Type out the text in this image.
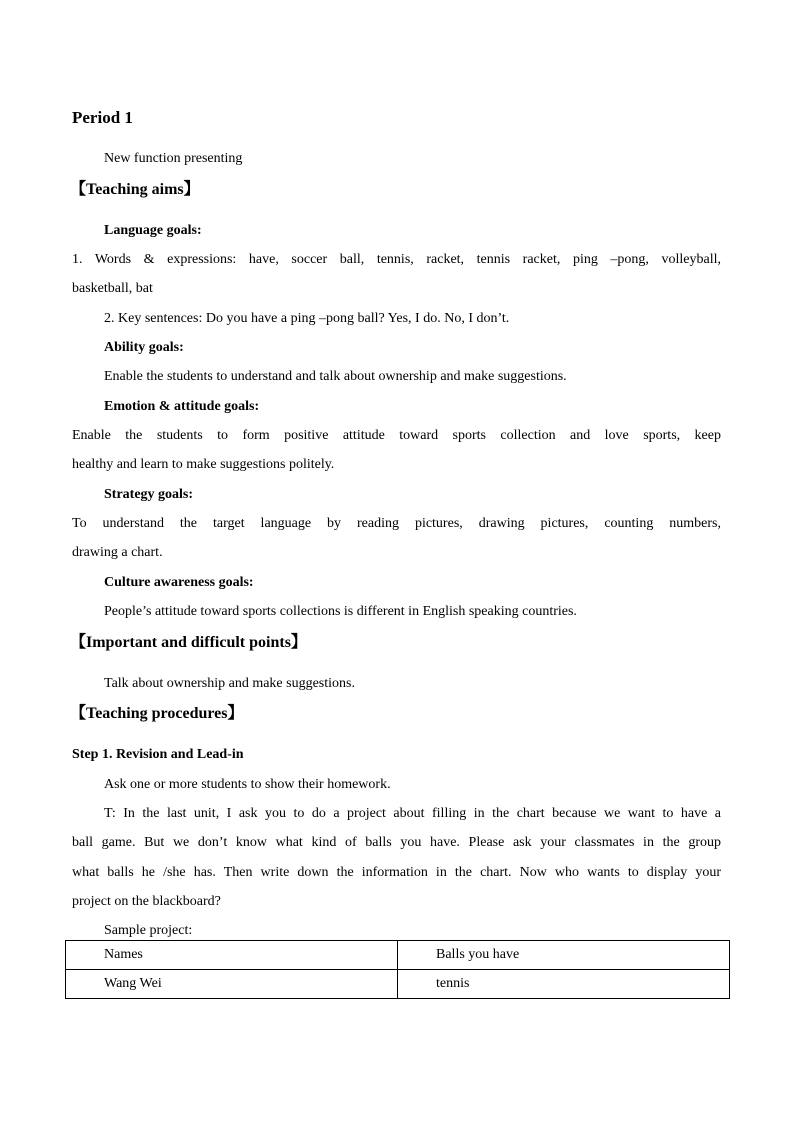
Period 1
New function presenting
【Teaching aims】
Language goals:
1. Words & expressions: have, soccer ball, tennis, racket, tennis racket, ping –pong, volleyball,
basketball, bat
2. Key sentences: Do you have a ping –pong ball? Yes, I do. No, I don’t.
Ability goals:
Enable the students to understand and talk about ownership and make suggestions.
Emotion & attitude goals:
Enable the students to form positive attitude toward sports collection and love sports, keep
healthy and learn to make suggestions politely.
Strategy goals:
To understand the target language by reading pictures, drawing pictures, counting numbers,
drawing a chart.
Culture awareness goals:
People’s attitude toward sports collections is different in English speaking countries.
【Important and difficult points】
Talk about ownership and make suggestions.
【Teaching procedures】
Step 1. Revision and Lead-in
Ask one or more students to show their homework.
T: In the last unit, I ask you to do a project about filling in the chart because we want to have a
ball game. But we don’t know what kind of balls you have. Please ask your classmates in the group
what balls he /she has. Then write down the information in the chart. Now who wants to display your
project on the blackboard?
Sample project:
Names	Balls you have
Wang Wei	tennis
